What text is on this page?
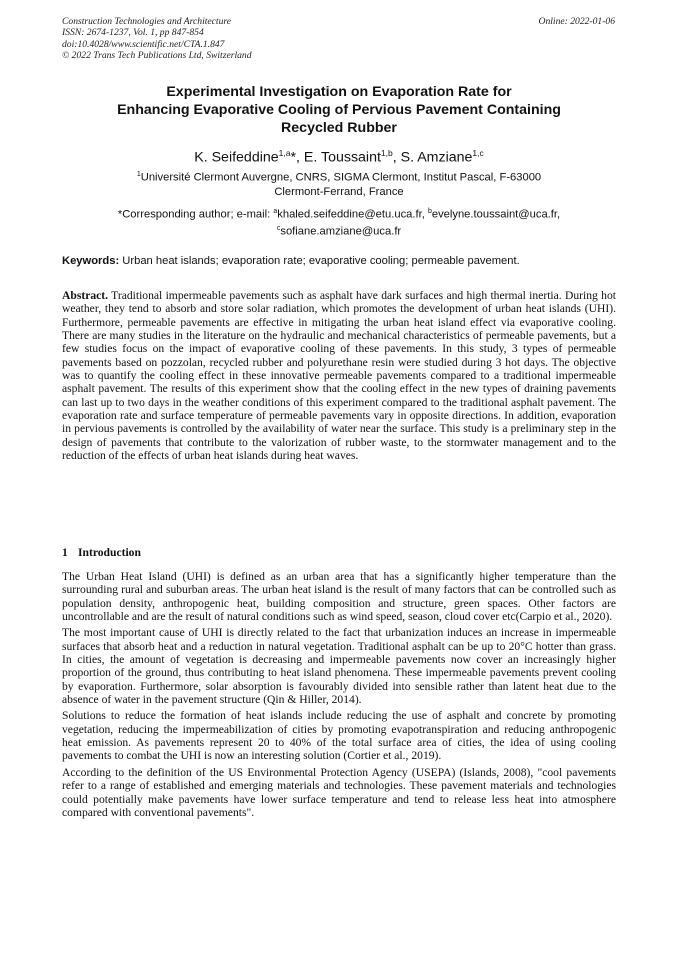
Construction Technologies and Architecture
ISSN: 2674-1237, Vol. 1, pp 847-854
doi:10.4028/www.scientific.net/CTA.1.847
© 2022 Trans Tech Publications Ltd, Switzerland
Online: 2022-01-06
Experimental Investigation on Evaporation Rate for
Enhancing Evaporative Cooling of Pervious Pavement Containing
Recycled Rubber
K. Seifeddine$^{1,a}$*, E. Toussaint$^{1,b}$, S. Amziane$^{1,c}$
$^1$Université Clermont Auvergne, CNRS, SIGMA Clermont, Institut Pascal, F-63000
Clermont-Ferrand, France
*Corresponding author; e-mail: $^a$khaled.seifeddine@etu.uca.fr, $^b$evelyne.toussaint@uca.fr,
$^c$sofiane.amziane@uca.fr
Keywords: Urban heat islands; evaporation rate; evaporative cooling; permeable pavement.
Abstract. Traditional impermeable pavements such as asphalt have dark surfaces and high thermal inertia. During hot weather, they tend to absorb and store solar radiation, which promotes the development of urban heat islands (UHI). Furthermore, permeable pavements are effective in mitigating the urban heat island effect via evaporative cooling. There are many studies in the literature on the hydraulic and mechanical characteristics of permeable pavements, but a few studies focus on the impact of evaporative cooling of these pavements. In this study, 3 types of permeable pavements based on pozzolan, recycled rubber and polyurethane resin were studied during 3 hot days. The objective was to quantify the cooling effect in these innovative permeable pavements compared to a traditional impermeable asphalt pavement. The results of this experiment show that the cooling effect in the new types of draining pavements can last up to two days in the weather conditions of this experiment compared to the traditional asphalt pavement. The evaporation rate and surface temperature of permeable pavements vary in opposite directions. In addition, evaporation in pervious pavements is controlled by the availability of water near the surface. This study is a preliminary step in the design of pavements that contribute to the valorization of rubber waste, to the stormwater management and to the reduction of the effects of urban heat islands during heat waves.
1 Introduction

The Urban Heat Island (UHI) is defined as an urban area that has a significantly higher temperature than the surrounding rural and suburban areas. The urban heat island is the result of many factors that can be controlled such as population density, anthropogenic heat, building composition and structure, green spaces. Other factors are uncontrollable and are the result of natural conditions such as wind speed, season, cloud cover etc(Carpio et al., 2020).

The most important cause of UHI is directly related to the fact that urbanization induces an increase in impermeable surfaces that absorb heat and a reduction in natural vegetation. Traditional asphalt can be up to 20°C hotter than grass. In cities, the amount of vegetation is decreasing and impermeable pavements now cover an increasingly higher proportion of the ground, thus contributing to heat island phenomena. These impermeable pavements prevent cooling by evaporation. Furthermore, solar absorption is favourably divided into sensible rather than latent heat due to the absence of water in the pavement structure (Qin & Hiller, 2014).

Solutions to reduce the formation of heat islands include reducing the use of asphalt and concrete by promoting vegetation, reducing the impermeabilization of cities by promoting evapotranspiration and reducing anthropogenic heat emission. As pavements represent 20 to 40% of the total surface area of cities, the idea of using cooling pavements to combat the UHI is now an interesting solution (Cortier et al., 2019).

According to the definition of the US Environmental Protection Agency (USEPA) (Islands, 2008), "cool pavements refer to a range of established and emerging materials and technologies. These pavement materials and technologies could potentially make pavements have lower surface temperature and tend to release less heat into atmosphere compared with conventional pavements".
